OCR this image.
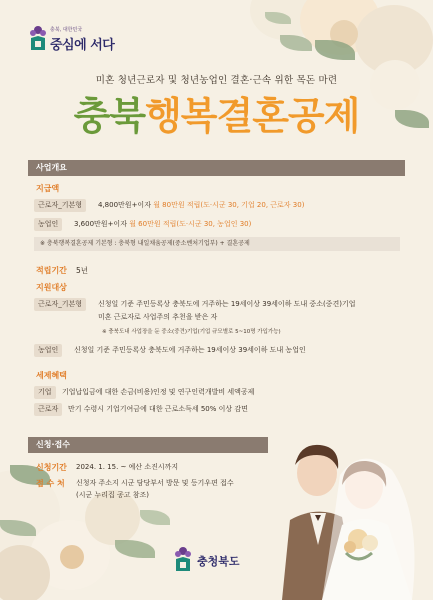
충북, 대한민국
중심에 서다
미혼 청년근로자 및 청년농업인 결혼·근속 위한 목돈 마련
충북행복결혼공제
사업개요
지급액
근로자_기본형	4,800만원+이자 월 80만원 적립(도·시군 30, 기업 20, 근로자 30)
농업인	3,600만원+이자 월 60만원 적립(도·시군 30, 농업인 30)
※ 충북행복결혼공제 기본형 : 충북형 내일채움공제(중소벤처기업부) + 결혼공제
적립기간 5년
지원대상
근로자_기본형	신청일 기준 주민등록상 충북도에 거주하는 19세이상 39세이하 도내 중소(중견)기업
미혼 근로자로 사업주의 추천을 받은 자
※ 충북도내 사업장을 둔 중소(중견)기업(기업 규모별로 5~10명 가입가능)
농업인	신청일 기준 주민등록상 충북도에 거주하는 19세이상 39세이하 도내 농업인
세제혜택
기업	기업납입금에 대한 손금(비용)인정 및 연구인력개발비 세액공제
근로자	만기 수령시 기업기여금에 대한 근로소득세 50% 이상 감면
신청·접수
신청기간 2024. 1. 15. ~ 예산 소진시까지
접 수 처 신청자 주소지 시군 담당부서 방문 및 등기우편 접수
(시군 누리집 공고 참조)
충청북도
